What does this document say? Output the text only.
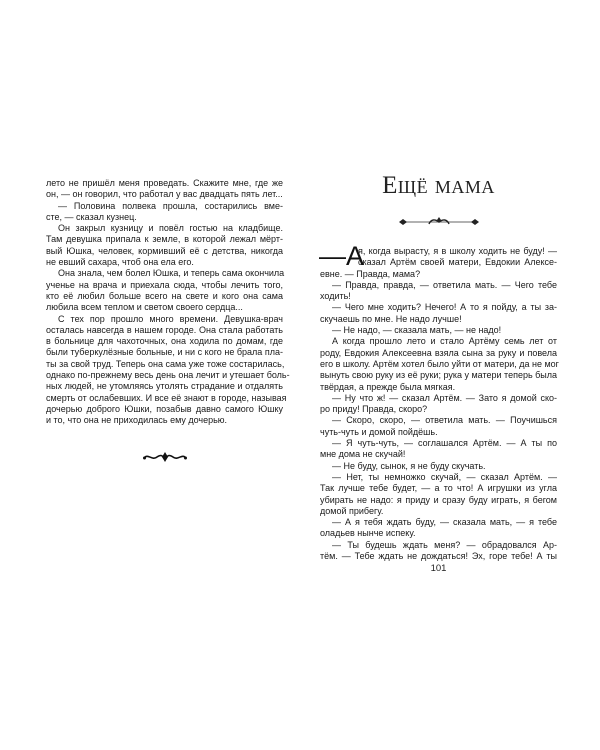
лето не пришёл меня проведать. Скажите мне, где же
он, — он говорил, что работал у вас двадцать пять лет...
— Половина полвека прошла, состарились вме-
сте, — сказал кузнец.
Он закрыл кузницу и повёл гостью на кладбище.
Там девушка припала к земле, в которой лежал мёрт-
вый Юшка, человек, кормивший её с детства, никогда
не евший сахара, чтоб она ела его.
Она знала, чем болел Юшка, и теперь сама окончила
ученье на врача и приехала сюда, чтобы лечить того,
кто её любил больше всего на свете и кого она сама
любила всем теплом и светом своего сердца...
С тех пор прошло много времени. Девушка-врач
осталась навсегда в нашем городе. Она стала работать
в больнице для чахоточных, она ходила по домам, где
были туберкулёзные больные, и ни с кого не брала пла-
ты за свой труд. Теперь она сама уже тоже состарилась,
однако по-прежнему весь день она лечит и утешает боль-
ных людей, не утомляясь утолять страдание и отдалять
смерть от ослабевших. И все её знают в городе, называя
дочерью доброго Юшки, позабыв давно самого Юшку
и то, что она не приходилась ему дочерью.
Ещё мама
—А
я, когда вырасту, я в школу ходить не буду! —
сказал Артём своей матери, Евдокии Алексе-
евне. — Правда, мама?
— Правда, правда, — ответила мать. — Чего тебе
ходить!
— Чего мне ходить? Нечего! А то я пойду, а ты за-
скучаешь по мне. Не надо лучше!
— Не надо, — сказала мать, — не надо!
А когда прошло лето и стало Артёму семь лет от
роду, Евдокия Алексеевна взяла сына за руку и повела
его в школу. Артём хотел было уйти от матери, да не мог
вынуть свою руку из её руки; рука у матери теперь была
твёрдая, а прежде была мягкая.
— Ну что ж! — сказал Артём. — Зато я домой ско-
ро приду! Правда, скоро?
— Скоро, скоро, — ответила мать. — Поучишься
чуть-чуть и домой пойдёшь.
— Я чуть-чуть, — соглашался Артём. — А ты по
мне дома не скучай!
— Не буду, сынок, я не буду скучать.
— Нет, ты немножко скучай, — сказал Артём. —
Так лучше тебе будет, — а то что! А игрушки из угла
убирать не надо: я приду и сразу буду играть, я бегом
домой прибегу.
— А я тебя ждать буду, — сказала мать, — я тебе
оладьев нынче испеку.
— Ты будешь ждать меня? — обрадовался Ар-
тём. — Тебе ждать не дождаться! Эх, горе тебе! А ты
101
